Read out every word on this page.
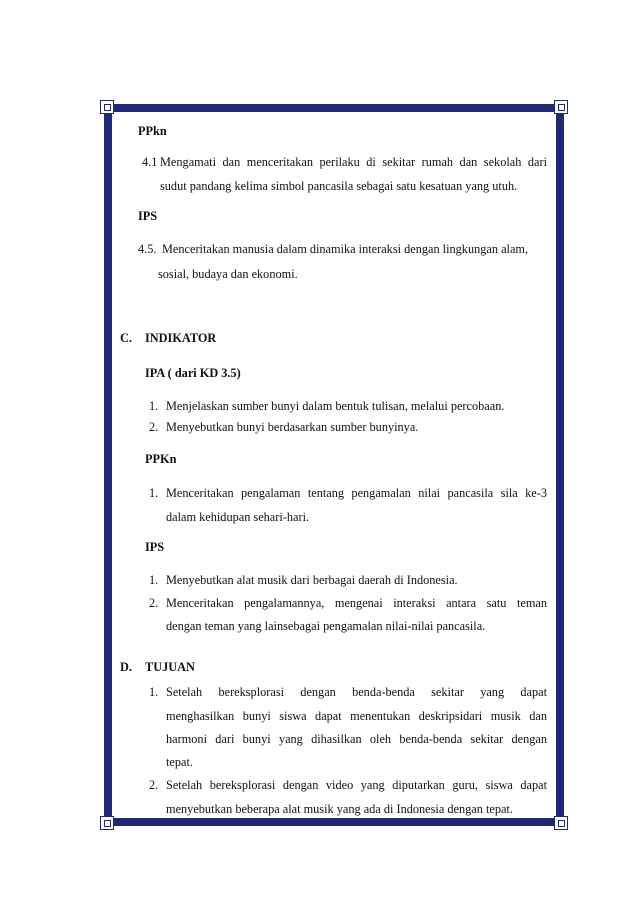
PPkn
4.1 Mengamati dan menceritakan perilaku di sekitar rumah dan sekolah dari
sudut pandang kelima simbol pancasila sebagai satu kesatuan yang utuh.
IPS
4.5. Menceritakan manusia dalam dinamika interaksi dengan lingkungan alam,
sosial, budaya dan ekonomi.
C. INDIKATOR
IPA ( dari KD 3.5)
1. Menjelaskan sumber bunyi dalam bentuk tulisan, melalui percobaan.
2. Menyebutkan bunyi berdasarkan sumber bunyinya.
PPKn
1. Menceritakan pengalaman tentang pengamalan nilai pancasila sila ke-3
dalam kehidupan sehari-hari.
IPS
1. Menyebutkan alat musik dari berbagai daerah di Indonesia.
2. Menceritakan pengalamannya, mengenai interaksi antara satu teman
dengan teman yang lainsebagai pengamalan nilai-nilai pancasila.
D. TUJUAN
1. Setelah bereksplorasi dengan benda-benda sekitar yang dapat
menghasilkan bunyi siswa dapat menentukan deskripsidari musik dan
harmoni dari bunyi yang dihasilkan oleh benda-benda sekitar dengan
tepat.
2. Setelah bereksplorasi dengan video yang diputarkan guru, siswa dapat
menyebutkan beberapa alat musik yang ada di Indonesia dengan tepat.
